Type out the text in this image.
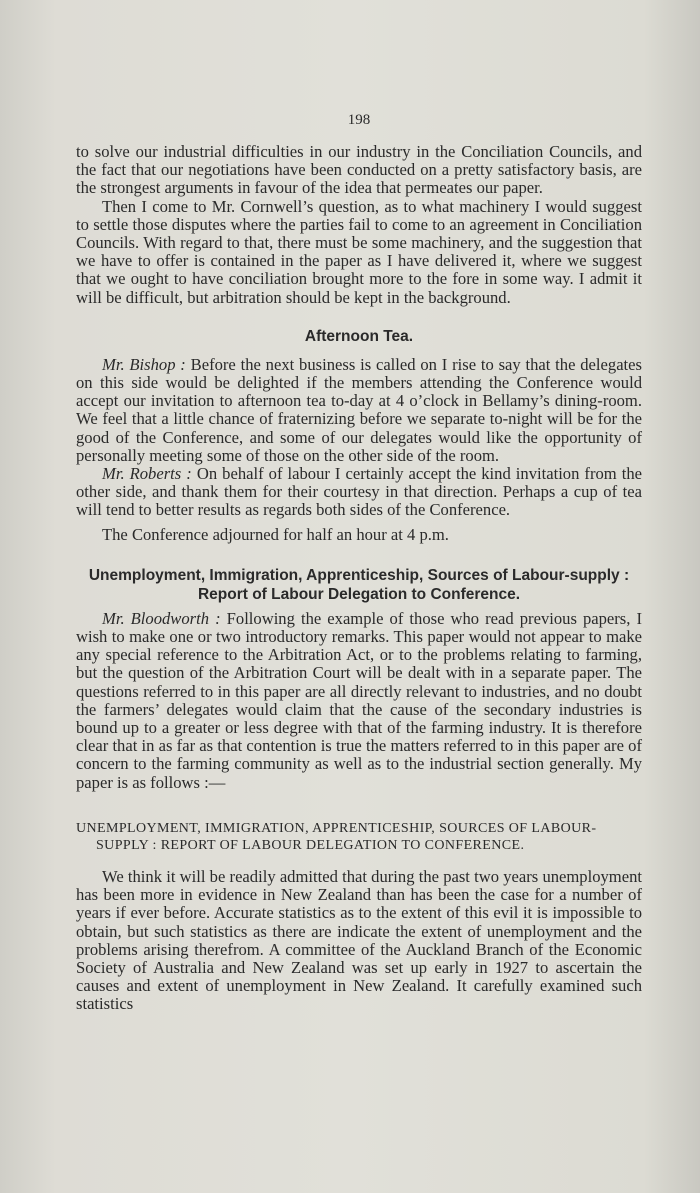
198

to solve our industrial difficulties in our industry in the Conciliation Councils, and the fact that our negotiations have been conducted on a pretty satisfactory basis, are the strongest arguments in favour of the idea that permeates our paper.

Then I come to Mr. Cornwell’s question, as to what machinery I would suggest to settle those disputes where the parties fail to come to an agreement in Conciliation Councils. With regard to that, there must be some machinery, and the suggestion that we have to offer is contained in the paper as I have delivered it, where we suggest that we ought to have conciliation brought more to the fore in some way. I admit it will be difficult, but arbitration should be kept in the background.

Afternoon Tea.

Mr. Bishop : Before the next business is called on I rise to say that the delegates on this side would be delighted if the members attending the Conference would accept our invitation to afternoon tea to-day at 4 o’clock in Bellamy’s dining-room. We feel that a little chance of fraternizing before we separate to-night will be for the good of the Conference, and some of our delegates would like the opportunity of personally meeting some of those on the other side of the room.

Mr. Roberts : On behalf of labour I certainly accept the kind invitation from the other side, and thank them for their courtesy in that direction. Perhaps a cup of tea will tend to better results as regards both sides of the Conference.

The Conference adjourned for half an hour at 4 p.m.

Unemployment, Immigration, Apprenticeship, Sources of Labour-supply :
Report of Labour Delegation to Conference.

Mr. Bloodworth : Following the example of those who read previous papers, I wish to make one or two introductory remarks. This paper would not appear to make any special reference to the Arbitration Act, or to the problems relating to farming, but the question of the Arbitration Court will be dealt with in a separate paper. The questions referred to in this paper are all directly relevant to industries, and no doubt the farmers’ delegates would claim that the cause of the secondary industries is bound up to a greater or less degree with that of the farming industry. It is therefore clear that in as far as that contention is true the matters referred to in this paper are of concern to the farming community as well as to the industrial section generally. My paper is as follows :—

UNEMPLOYMENT, IMMIGRATION, APPRENTICESHIP, SOURCES OF LABOUR-
SUPPLY : REPORT OF LABOUR DELEGATION TO CONFERENCE.

We think it will be readily admitted that during the past two years unemployment has been more in evidence in New Zealand than has been the case for a number of years if ever before. Accurate statistics as to the extent of this evil it is impossible to obtain, but such statistics as there are indicate the extent of unemployment and the problems arising therefrom. A committee of the Auckland Branch of the Economic Society of Australia and New Zealand was set up early in 1927 to ascertain the causes and extent of unemployment in New Zealand. It carefully examined such statistics
